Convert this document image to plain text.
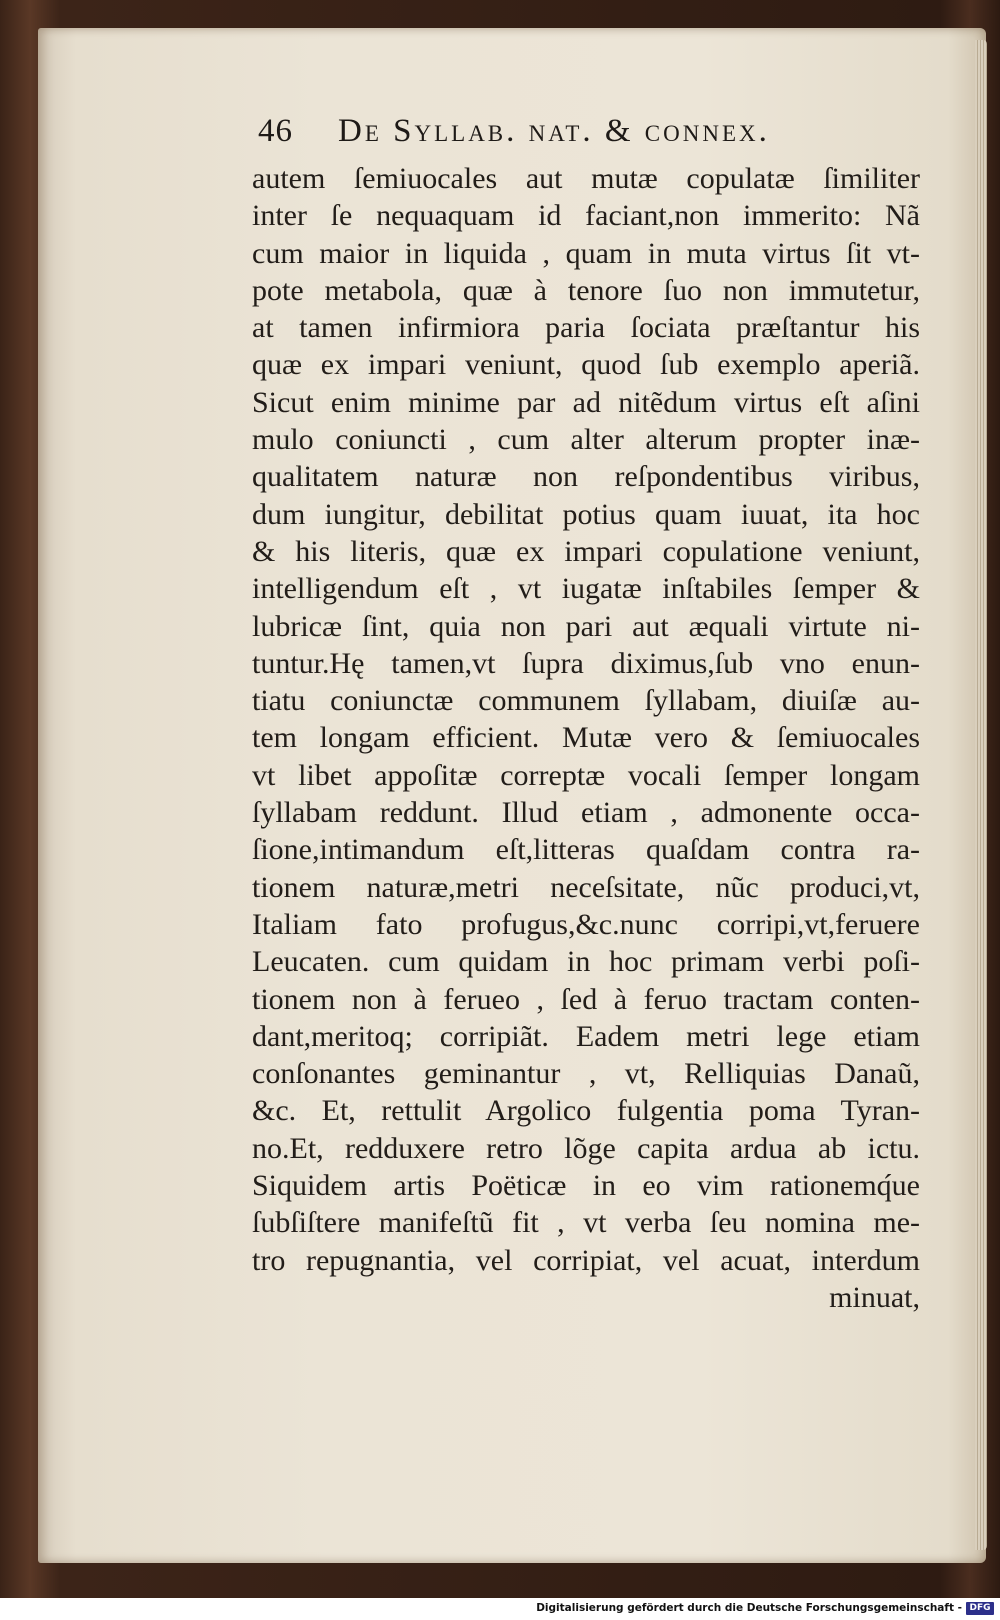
46 De Syllab. nat. & connex.
autem ſemiuocales aut mutæ copulatæ ſimiliter
inter ſe nequaquam id faciant,non immerito: Nã
cum maior in liquida , quam in muta virtus ſit vt-
pote metabola, quæ à tenore ſuo non immutetur,
at tamen infirmiora paria ſociata præſtantur his
quæ ex impari veniunt, quod ſub exemplo aperiã.
Sicut enim minime par ad nitẽdum virtus eſt aſini
mulo coniuncti , cum alter alterum propter inæ-
qualitatem naturæ non reſpondentibus viribus,
dum iungitur, debilitat potius quam iuuat, ita hoc
& his literis, quæ ex impari copulatione veniunt,
intelligendum eſt , vt iugatæ inſtabiles ſemper &
lubricæ ſint, quia non pari aut æquali virtute ni-
tuntur.Hę tamen,vt ſupra diximus,ſub vno enun-
tiatu coniunctæ communem ſyllabam, diuiſæ au-
tem longam efficient. Mutæ vero & ſemiuocales
vt libet appoſitæ correptæ vocali ſemper longam
ſyllabam reddunt. Illud etiam , admonente occa-
ſione,intimandum eſt,litteras quaſdam contra ra-
tionem naturæ,metri neceſsitate, nũc produci,vt,
Italiam fato profugus,&c.nunc corripi,vt,feruere
Leucaten. cum quidam in hoc primam verbi poſi-
tionem non à ferueo , ſed à feruo tractam conten-
dant,meritoq; corripiãt. Eadem metri lege etiam
conſonantes geminantur , vt, Relliquias Danaũ,
&c. Et, rettulit Argolico fulgentia poma Tyran-
no.Et, redduxere retro lõge capita ardua ab ictu.
Siquidem artis Poëticæ in eo vim rationemq́ue
ſubſiſtere manifeſtũ fit , vt verba ſeu nomina me-
tro repugnantia, vel corripiat, vel acuat, interdum
minuat,
Digitalisierung gefördert durch die Deutsche Forschungsgemeinschaft - DFG
